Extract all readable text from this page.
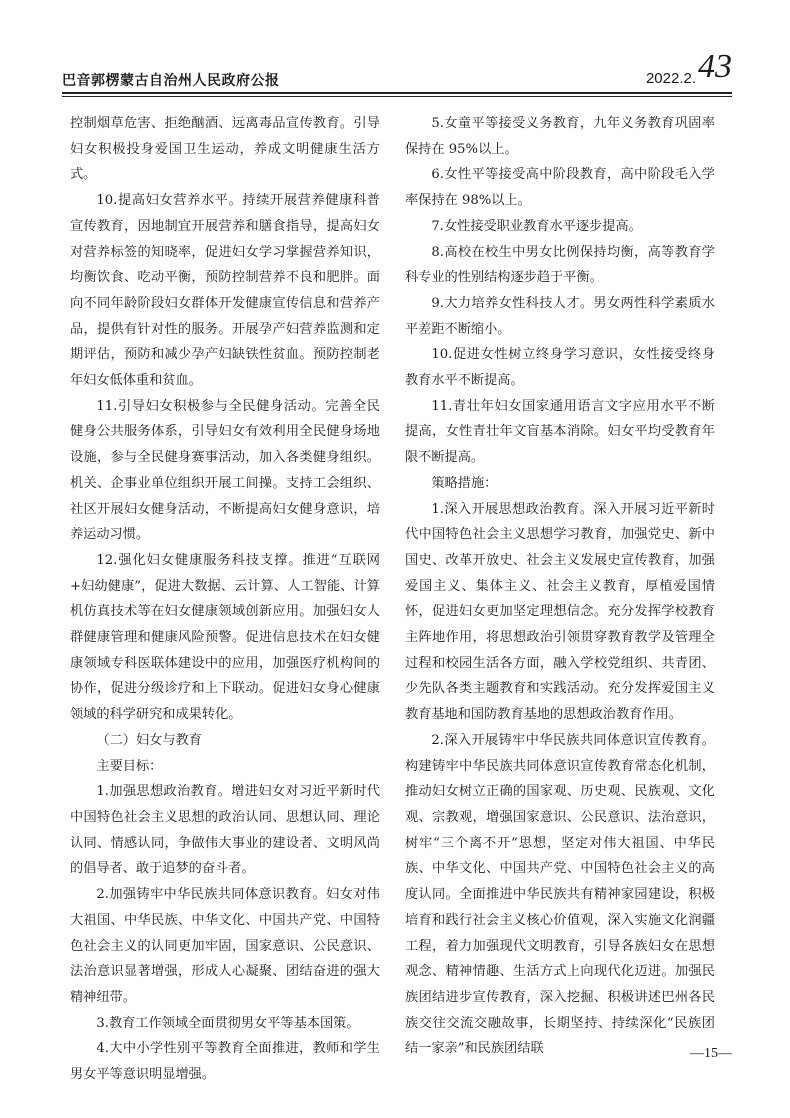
巴音郭楞蒙古自治州人民政府公报	2022.2. 43

控制烟草危害、拒绝酗酒、远离毒品宣传教育。引导妇女积极投身爱国卫生运动，养成文明健康生活方式。

10.提高妇女营养水平。持续开展营养健康科普宣传教育，因地制宜开展营养和膳食指导，提高妇女对营养标签的知晓率，促进妇女学习掌握营养知识，均衡饮食、吃动平衡，预防控制营养不良和肥胖。面向不同年龄阶段妇女群体开发健康宣传信息和营养产品，提供有针对性的服务。开展孕产妇营养监测和定期评估，预防和减少孕产妇缺铁性贫血。预防控制老年妇女低体重和贫血。

11.引导妇女积极参与全民健身活动。完善全民健身公共服务体系，引导妇女有效利用全民健身场地设施，参与全民健身赛事活动，加入各类健身组织。机关、企事业单位组织开展工间操。支持工会组织、社区开展妇女健身活动，不断提高妇女健身意识，培养运动习惯。

12.强化妇女健康服务科技支撑。推进“互联网+妇幼健康”，促进大数据、云计算、人工智能、计算机仿真技术等在妇女健康领域创新应用。加强妇女人群健康管理和健康风险预警。促进信息技术在妇女健康领域专科医联体建设中的应用，加强医疗机构间的协作，促进分级诊疗和上下联动。促进妇女身心健康领域的科学研究和成果转化。

（二）妇女与教育

主要目标：

1.加强思想政治教育。增进妇女对习近平新时代中国特色社会主义思想的政治认同、思想认同、理论认同、情感认同，争做伟大事业的建设者、文明风尚的倡导者、敢于追梦的奋斗者。

2.加强铸牢中华民族共同体意识教育。妇女对伟大祖国、中华民族、中华文化、中国共产党、中国特色社会主义的认同更加牢固，国家意识、公民意识、法治意识显著增强，形成人心凝聚、团结奋进的强大精神纽带。

3.教育工作领域全面贯彻男女平等基本国策。

4.大中小学性别平等教育全面推进，教师和学生男女平等意识明显增强。

5.女童平等接受义务教育，九年义务教育巩固率保持在 95%以上。

6.女性平等接受高中阶段教育，高中阶段毛入学率保持在 98%以上。

7.女性接受职业教育水平逐步提高。

8.高校在校生中男女比例保持均衡，高等教育学科专业的性别结构逐步趋于平衡。

9.大力培养女性科技人才。男女两性科学素质水平差距不断缩小。

10.促进女性树立终身学习意识，女性接受终身教育水平不断提高。

11.青壮年妇女国家通用语言文字应用水平不断提高，女性青壮年文盲基本消除。妇女平均受教育年限不断提高。

策略措施：

1.深入开展思想政治教育。深入开展习近平新时代中国特色社会主义思想学习教育，加强党史、新中国史、改革开放史、社会主义发展史宣传教育，加强爱国主义、集体主义、社会主义教育，厚植爱国情怀，促进妇女更加坚定理想信念。充分发挥学校教育主阵地作用，将思想政治引领贯穿教育教学及管理全过程和校园生活各方面，融入学校党组织、共青团、少先队各类主题教育和实践活动。充分发挥爱国主义教育基地和国防教育基地的思想政治教育作用。

2.深入开展铸牢中华民族共同体意识宣传教育。构建铸牢中华民族共同体意识宣传教育常态化机制，推动妇女树立正确的国家观、历史观、民族观、文化观、宗教观，增强国家意识、公民意识、法治意识，树牢“三个离不开”思想，坚定对伟大祖国、中华民族、中华文化、中国共产党、中国特色社会主义的高度认同。全面推进中华民族共有精神家园建设，积极培育和践行社会主义核心价值观，深入实施文化润疆工程，着力加强现代文明教育，引导各族妇女在思想观念、精神情趣、生活方式上向现代化迈进。加强民族团结进步宣传教育，深入挖掘、积极讲述巴州各民族交往交流交融故事，长期坚持、持续深化“民族团结一家亲”和民族团结联	—15—
